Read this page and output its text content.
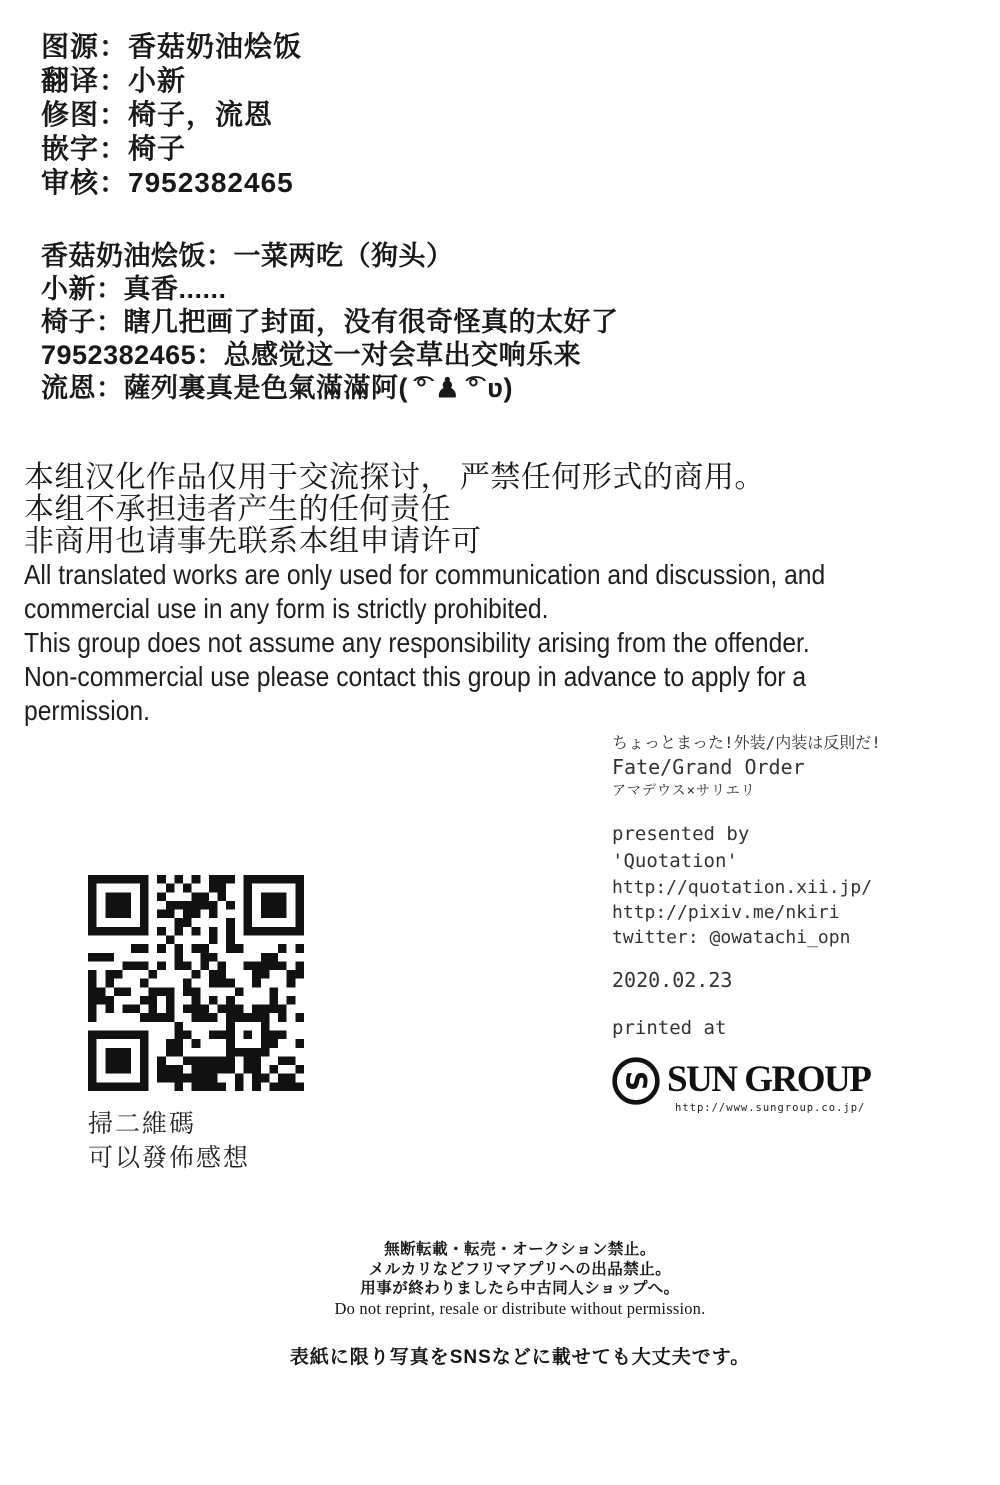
图源：香菇奶油烩饭
翻译：小新
修图：椅子，流恩
嵌字：椅子
审核：7952382465
香菇奶油烩饭：一菜两吃（狗头）
小新：真香......
椅子：瞎几把画了封面，没有很奇怪真的太好了
7952382465：总感觉这一对会草出交响乐来
流恩：薩列裏真是色氣滿滿阿( ͡° ♟ ͡° ʋ)
本组汉化作品仅用于交流探讨， 严禁任何形式的商用。
本组不承担违者产生的任何责任
非商用也请事先联系本组申请许可
All translated works are only used for communication and discussion, and
commercial use in any form is strictly prohibited.
This group does not assume any responsibility arising from the offender.
Non-commercial use please contact this group in advance to apply for a
permission.
ちょっとまった!外装/内装は反則だ!
Fate/Grand Order
アマデウス×サリエリ
presented by
'Quotation'
http://quotation.xii.jp/
http://pixiv.me/nkiri
twitter: @owatachi_opn
2020.02.23
printed at
S SUN GROUP
http://www.sungroup.co.jp/
掃二維碼
可以發佈感想
無断転載・転売・オークション禁止。
メルカリなどフリマアプリへの出品禁止。
用事が終わりましたら中古同人ショップへ。
Do not reprint, resale or distribute without permission.
表紙に限り写真をSNSなどに載せても大丈夫です。
